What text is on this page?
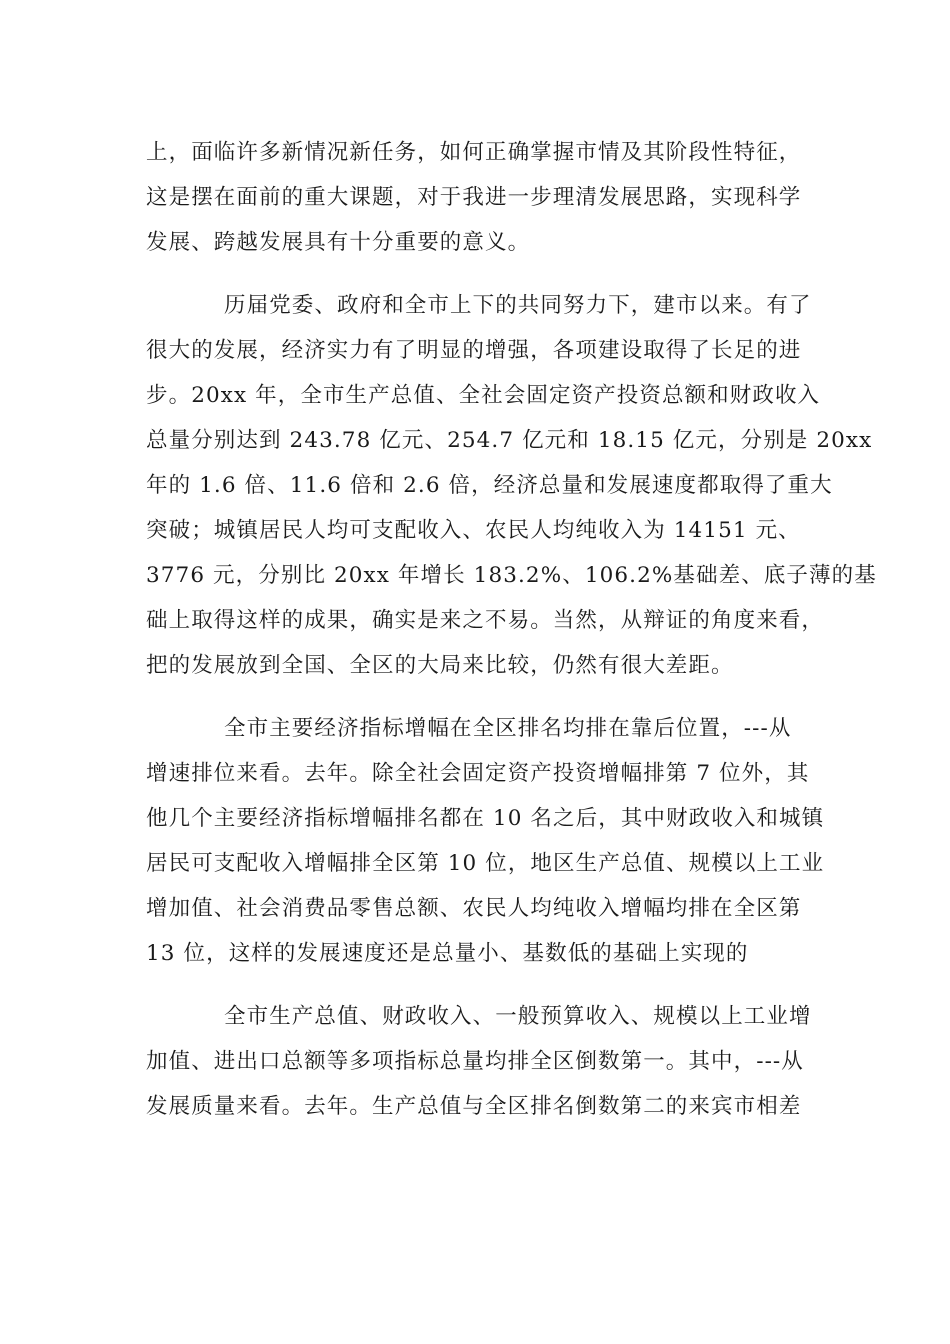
上，面临许多新情况新任务，如何正确掌握市情及其阶段性特征，
这是摆在面前的重大课题，对于我进一步理清发展思路，实现科学
发展、跨越发展具有十分重要的意义。
历届党委、政府和全市上下的共同努力下，建市以来。有了
很大的发展，经济实力有了明显的增强，各项建设取得了长足的进
步。20xx 年，全市生产总值、全社会固定资产投资总额和财政收入
总量分别达到 243.78 亿元、254.7 亿元和 18.15 亿元，分别是 20xx
年的 1.6 倍、11.6 倍和 2.6 倍，经济总量和发展速度都取得了重大
突破；城镇居民人均可支配收入、农民人均纯收入为 14151 元、
3776 元，分别比 20xx 年增长 183.2%、106.2%基础差、底子薄的基
础上取得这样的成果，确实是来之不易。当然，从辩证的角度来看，
把的发展放到全国、全区的大局来比较，仍然有很大差距。
全市主要经济指标增幅在全区排名均排在靠后位置，---从
增速排位来看。去年。除全社会固定资产投资增幅排第 7 位外，其
他几个主要经济指标增幅排名都在 10 名之后，其中财政收入和城镇
居民可支配收入增幅排全区第 10 位，地区生产总值、规模以上工业
增加值、社会消费品零售总额、农民人均纯收入增幅均排在全区第
13 位，这样的发展速度还是总量小、基数低的基础上实现的
全市生产总值、财政收入、一般预算收入、规模以上工业增
加值、进出口总额等多项指标总量均排全区倒数第一。其中，---从
发展质量来看。去年。生产总值与全区排名倒数第二的来宾市相差
